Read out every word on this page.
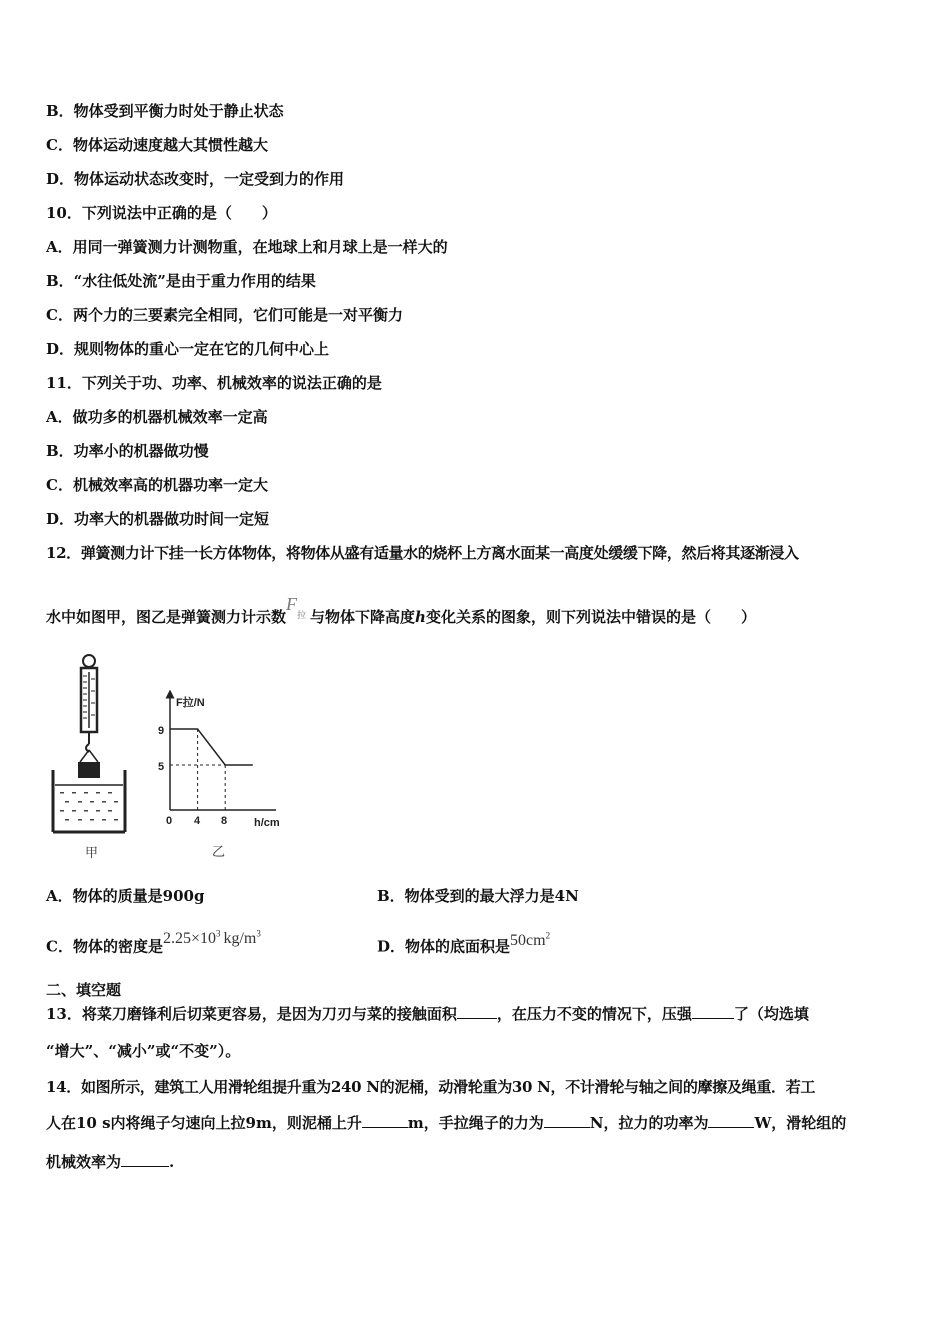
B．物体受到平衡力时处于静止状态
C．物体运动速度越大其惯性越大
D．物体运动状态改变时，一定受到力的作用
10．下列说法中正确的是（　　）
A．用同一弹簧测力计测物重，在地球上和月球上是一样大的
B．“水往低处流”是由于重力作用的结果
C．两个力的三要素完全相同，它们可能是一对平衡力
D．规则物体的重心一定在它的几何中心上
11．下列关于功、功率、机械效率的说法正确的是
A．做功多的机器机械效率一定高
B．功率小的机器做功慢
C．机械效率高的机器功率一定大
D．功率大的机器做功时间一定短
12．弹簧测力计下挂一长方体物体，将物体从盛有适量水的烧杯上方离水面某一高度处缓缓下降，然后将其逐渐浸入
水中如图甲，图乙是弹簧测力计示数$F^拉$ 与物体下降高度h变化关系的图象，则下列说法中错误的是（　　）
甲
F拉/N
9
5
0 4 8 h/cm
乙
A．物体的质量是900g	B．物体受到的最大浮力是4N
C．物体的密度是$2.25\times 10^3$ $kg/m^3$
D．物体的底面积是$50cm^2$
二、填空题
13．将菜刀磨锋利后切菜更容易，是因为刀刃与菜的接触面积	，在压力不变的情况下，压强	了（均选填
“增大”、“减小”或“不变”）。
14．如图所示，建筑工人用滑轮组提升重为240 N的泥桶，动滑轮重为30 N，不计滑轮与轴之间的摩擦及绳重．若工
人在10 s内将绳子匀速向上拉9m，则泥桶上升	m，手拉绳子的力为	N，拉力的功率为	W，滑轮组的
机械效率为	.
